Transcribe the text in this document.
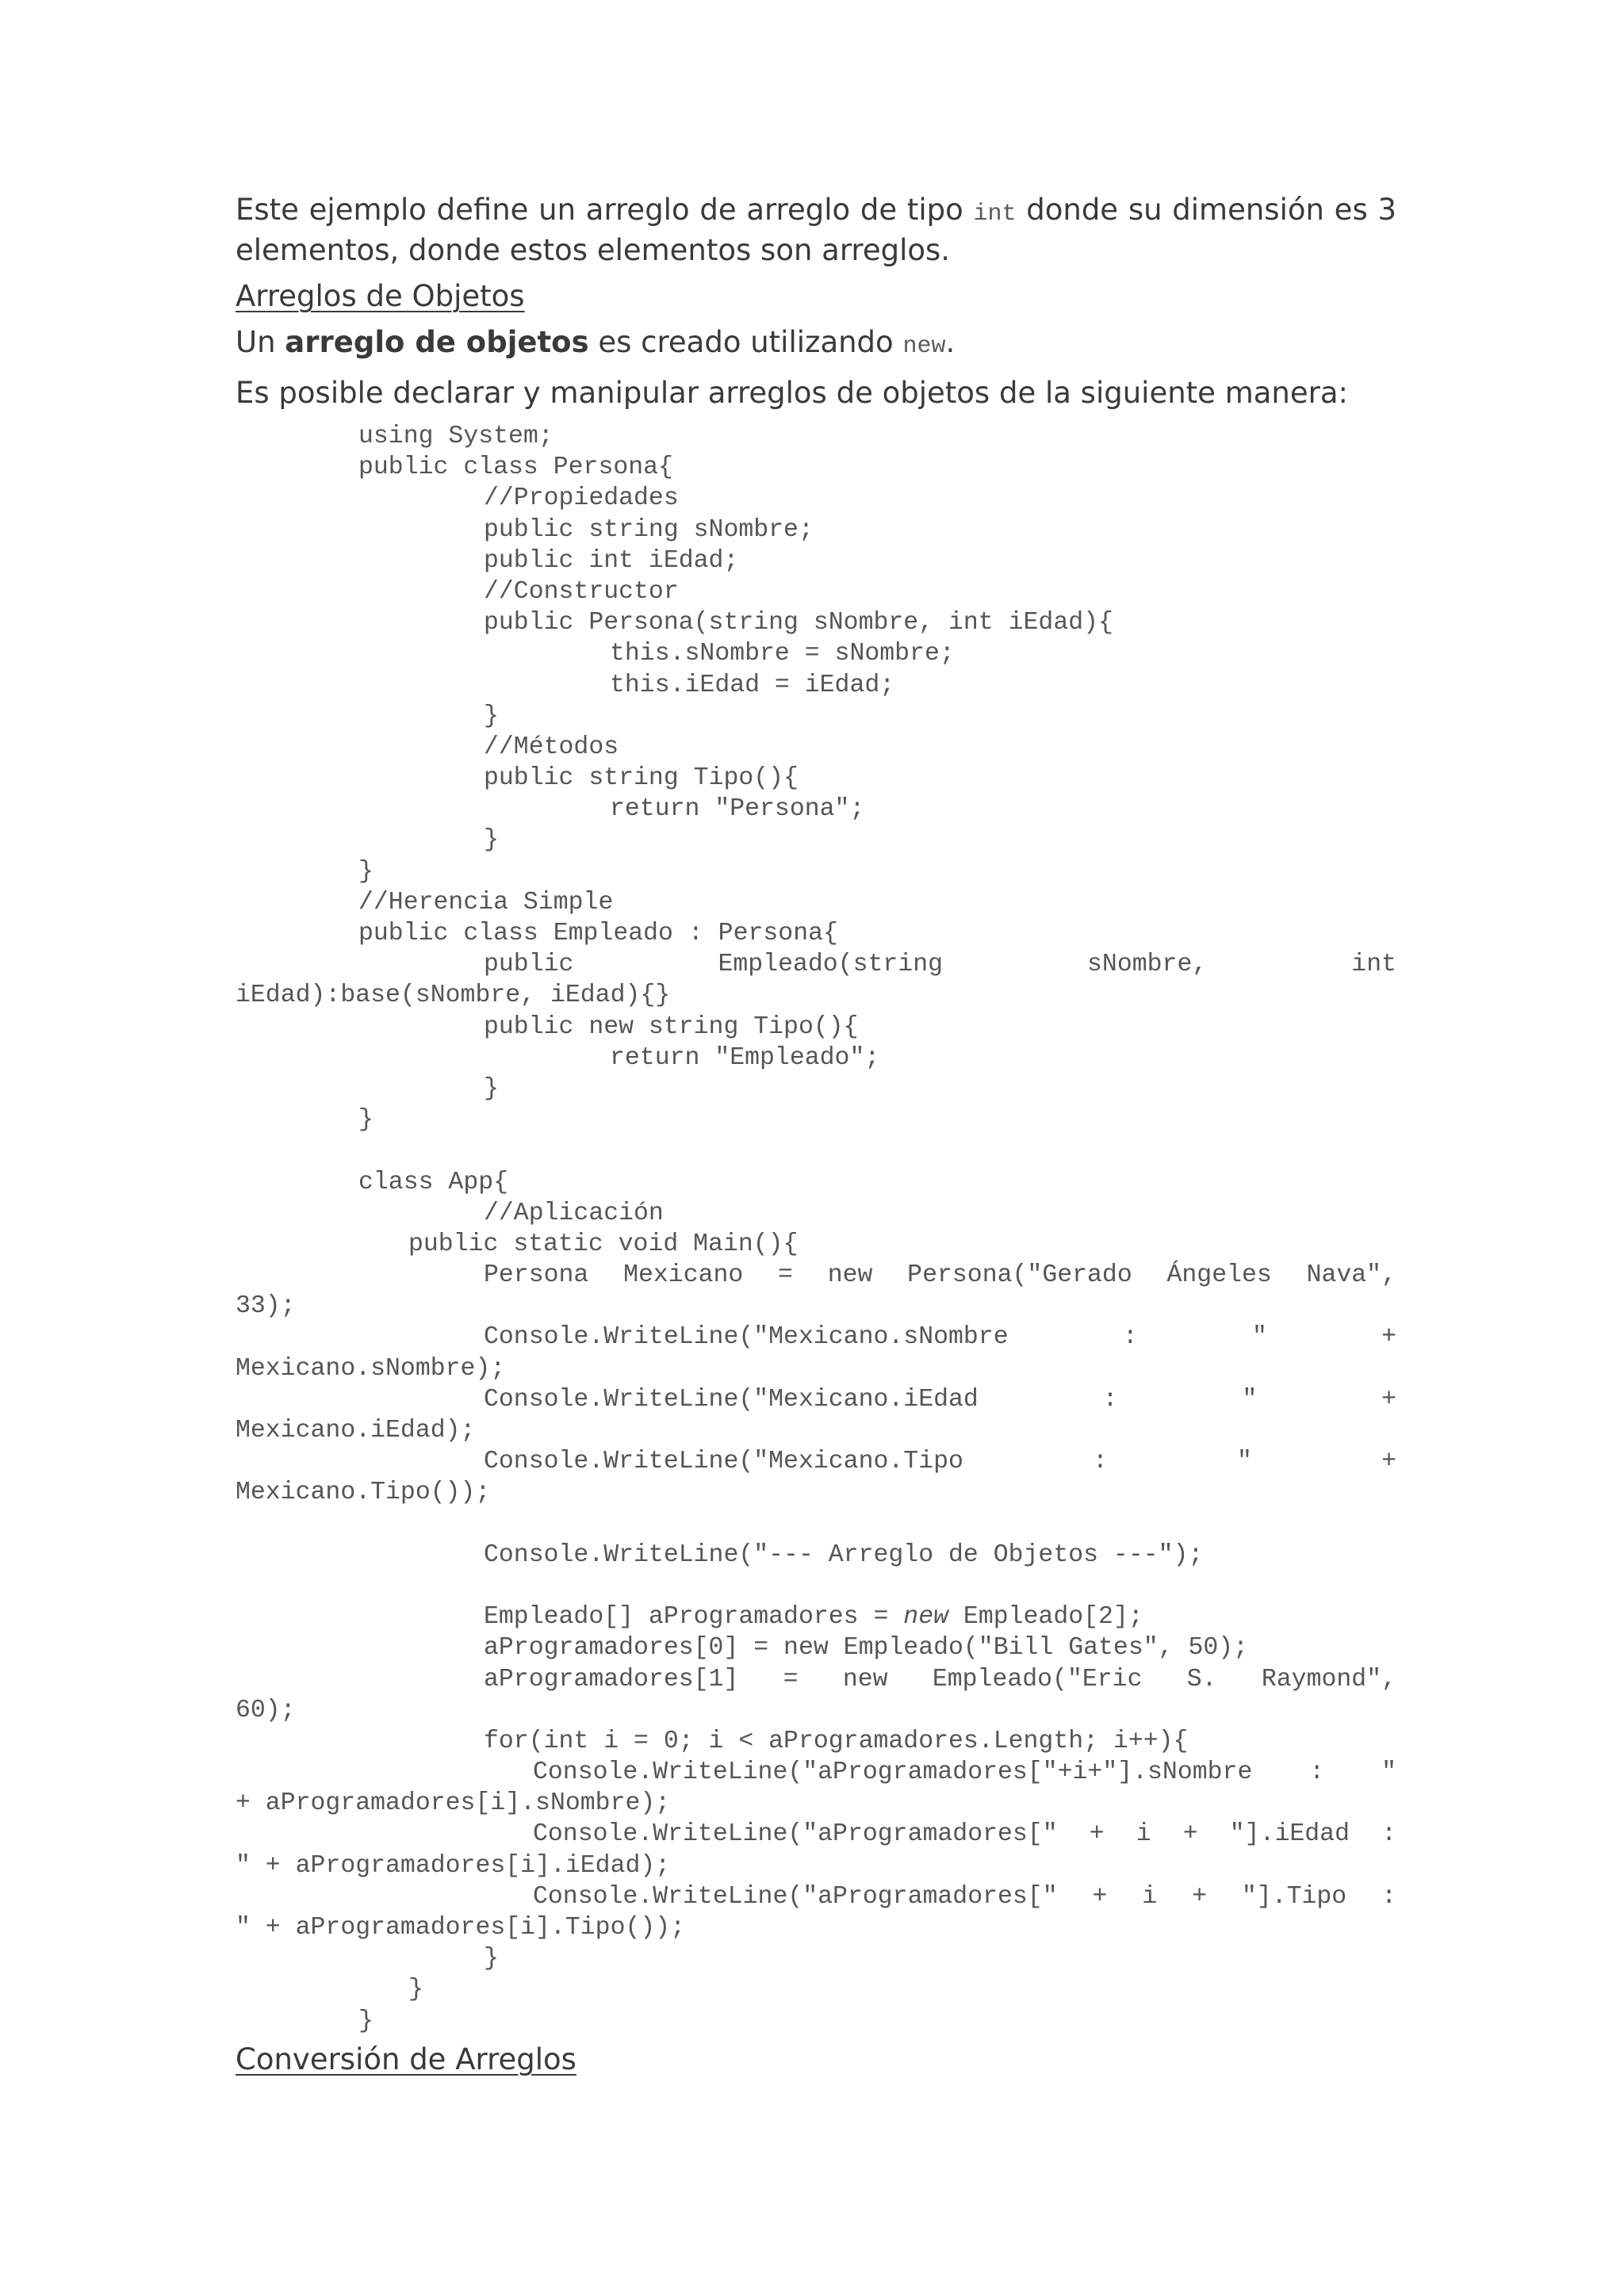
Este ejemplo define un arreglo de arreglo de tipo int donde su dimensión es 3 elementos, donde estos elementos son arreglos.

Arreglos de Objetos

Un arreglo de objetos es creado utilizando new.

Es posible declarar y manipular arreglos de objetos de la siguiente manera:

using System;
public class Persona{
//Propiedades
public string sNombre;
public int iEdad;
//Constructor
public Persona(string sNombre, int iEdad){
this.sNombre = sNombre;
this.iEdad = iEdad;
}
//Métodos
public string Tipo(){
return "Persona";
}
}
//Herencia Simple
public class Empleado : Persona{
public Empleado(string sNombre, int
iEdad):base(sNombre, iEdad){}
public new string Tipo(){
return "Empleado";
}
}
class App{
//Aplicación
public static void Main(){
Persona Mexicano = new Persona("Gerado Ángeles Nava",
33);
Console.WriteLine("Mexicano.sNombre : " +
Mexicano.sNombre);
Console.WriteLine("Mexicano.iEdad : " +
Mexicano.iEdad);
Console.WriteLine("Mexicano.Tipo : " +
Mexicano.Tipo());
Console.WriteLine("--- Arreglo de Objetos ---");
Empleado[] aProgramadores = new Empleado[2];
aProgramadores[0] = new Empleado("Bill Gates", 50);
aProgramadores[1] = new Empleado("Eric S. Raymond",
60);
for(int i = 0; i < aProgramadores.Length; i++){
Console.WriteLine("aProgramadores["+i+"].sNombre : "
+ aProgramadores[i].sNombre);
Console.WriteLine("aProgramadores[" + i + "].iEdad :
" + aProgramadores[i].iEdad);
Console.WriteLine("aProgramadores[" + i + "].Tipo :
" + aProgramadores[i].Tipo());
}
}
}
Conversión de Arreglos
